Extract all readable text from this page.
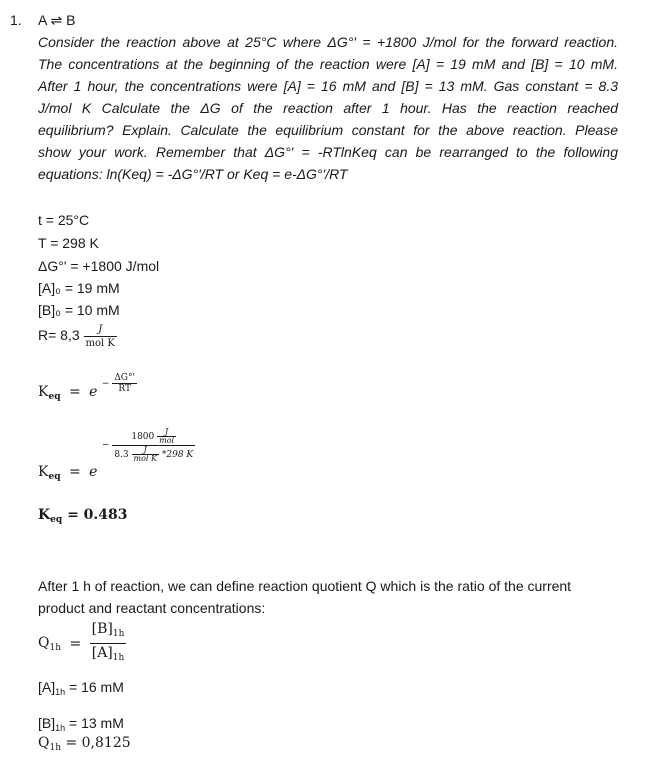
1. A ⇌ B
Consider the reaction above at 25°C where ΔG°' = +1800 J/mol for the forward reaction.
The concentrations at the beginning of the reaction were [A] = 19 mM and [B] = 10 mM.
After 1 hour, the concentrations were [A] = 16 mM and [B] = 13 mM. Gas constant = 8.3
J/mol K Calculate the ΔG of the reaction after 1 hour. Has the reaction reached
equilibrium? Explain. Calculate the equilibrium constant for the above reaction. Please
show your work. Remember that ΔG°' = -RTlnKeq can be rearranged to the following
equations: ln(Keq) = -ΔG°'/RT or Keq = e-ΔG°'/RT
t = 25°C
T = 298 K
ΔG°' = +1800 J/mol
[A]₀ = 19 mM
[B]₀ = 10 mM
$R= 8,3 \frac{J}{\text{mol K}}$
$K_{eq} = e - \frac{\Delta G^\circ'}{RT}$
$K_{eq} = e$ −
$1800 \frac{J}{\text{mol}}$
$8.3 \frac{J}{\text{mol K}} *298$ K
$K_{eq} = 0.483$
After 1 h of reaction, we can define reaction quotient Q which is the ratio of the current
product and reactant concentrations:
$Q_{1h} = \frac{[B]_{1h}}{[A]_{1h}}$
$[A]_{1h} = 16$ mM
$[B]_{1h} = 13$ mM
$Q_{1h} = 0,8125$
